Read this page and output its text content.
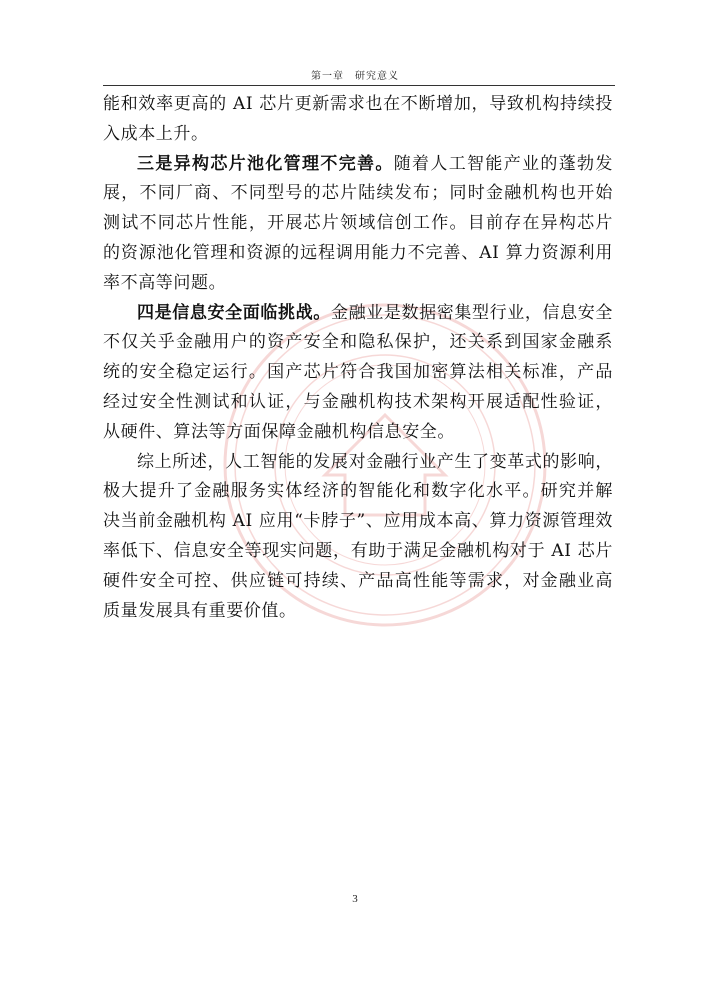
第一章　研究意义

能和效率更高的 AI 芯片更新需求也在不断增加，导致机构持续投入成本上升。

三是异构芯片池化管理不完善。随着人工智能产业的蓬勃发展，不同厂商、不同型号的芯片陆续发布；同时金融机构也开始测试不同芯片性能，开展芯片领域信创工作。目前存在异构芯片的资源池化管理和资源的远程调用能力不完善、AI 算力资源利用率不高等问题。

四是信息安全面临挑战。金融业是数据密集型行业，信息安全不仅关乎金融用户的资产安全和隐私保护，还关系到国家金融系统的安全稳定运行。国产芯片符合我国加密算法相关标准，产品经过安全性测试和认证，与金融机构技术架构开展适配性验证，从硬件、算法等方面保障金融机构信息安全。

综上所述，人工智能的发展对金融行业产生了变革式的影响，极大提升了金融服务实体经济的智能化和数字化水平。研究并解决当前金融机构 AI 应用“卡脖子”、应用成本高、算力资源管理效率低下、信息安全等现实问题，有助于满足金融机构对于 AI 芯片硬件安全可控、供应链可持续、产品高性能等需求，对金融业高质量发展具有重要价值。

3
